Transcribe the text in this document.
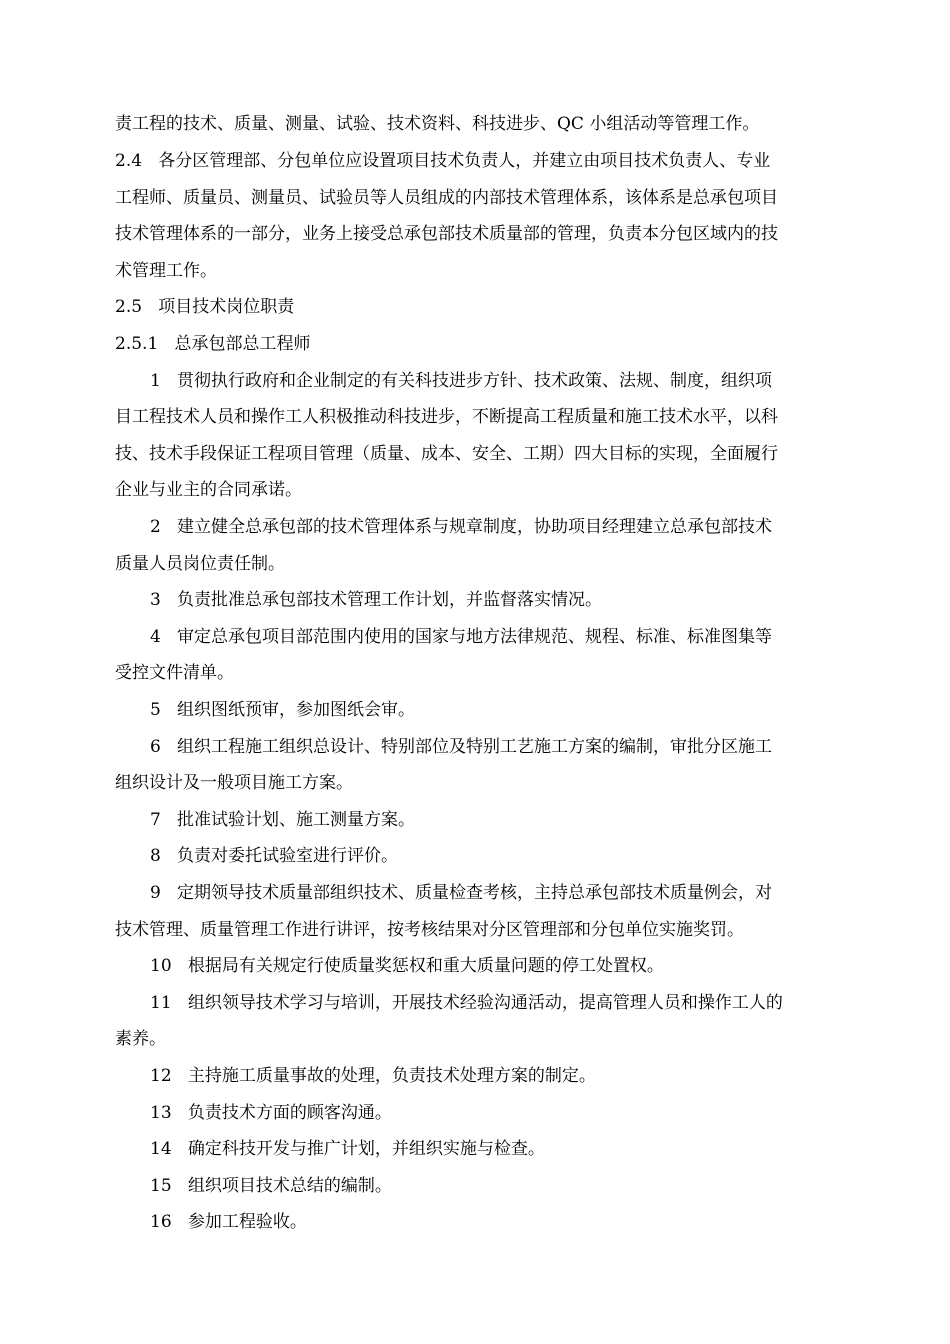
责工程的技术、质量、测量、试验、技术资料、科技进步、QC 小组活动等管理工作。
2.4   各分区管理部、分包单位应设置项目技术负责人，并建立由项目技术负责人、专业
工程师、质量员、测量员、试验员等人员组成的内部技术管理体系，该体系是总承包项目
技术管理体系的一部分，业务上接受总承包部技术质量部的管理，负责本分包区域内的技
术管理工作。
2.5   项目技术岗位职责
2.5.1   总承包部总工程师
1   贯彻执行政府和企业制定的有关科技进步方针、技术政策、法规、制度，组织项
目工程技术人员和操作工人积极推动科技进步，不断提高工程质量和施工技术水平，以科
技、技术手段保证工程项目管理（质量、成本、安全、工期）四大目标的实现，全面履行
企业与业主的合同承诺。
2   建立健全总承包部的技术管理体系与规章制度，协助项目经理建立总承包部技术
质量人员岗位责任制。
3   负责批准总承包部技术管理工作计划，并监督落实情况。
4   审定总承包项目部范围内使用的国家与地方法律规范、规程、标准、标准图集等
受控文件清单。
5   组织图纸预审，参加图纸会审。
6   组织工程施工组织总设计、特别部位及特别工艺施工方案的编制，审批分区施工
组织设计及一般项目施工方案。
7   批准试验计划、施工测量方案。
8   负责对委托试验室进行评价。
9   定期领导技术质量部组织技术、质量检查考核，主持总承包部技术质量例会，对
技术管理、质量管理工作进行讲评，按考核结果对分区管理部和分包单位实施奖罚。
10   根据局有关规定行使质量奖惩权和重大质量问题的停工处置权。
11   组织领导技术学习与培训，开展技术经验沟通活动，提高管理人员和操作工人的
素养。
12   主持施工质量事故的处理，负责技术处理方案的制定。
13   负责技术方面的顾客沟通。
14   确定科技开发与推广计划，并组织实施与检查。
15   组织项目技术总结的编制。
16   参加工程验收。
